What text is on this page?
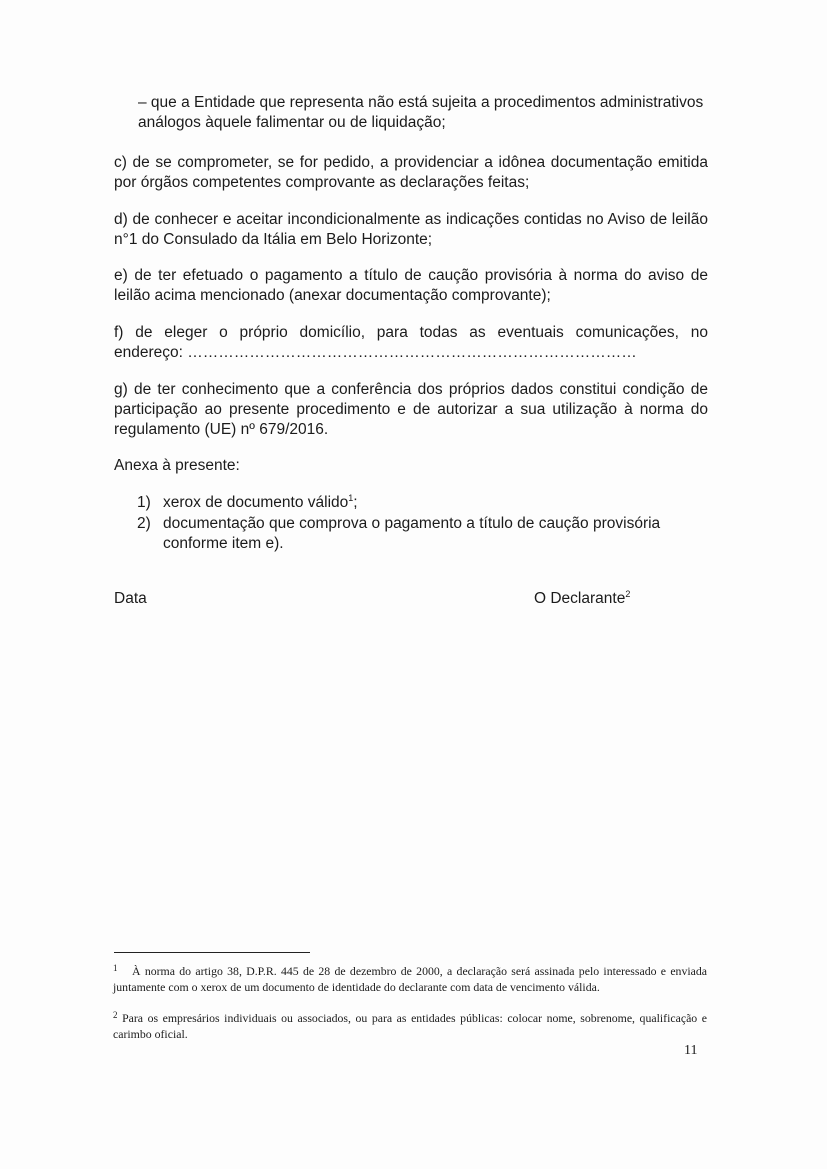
– que a Entidade que representa não está sujeita a procedimentos administrativos análogos àquele falimentar ou de liquidação;

c) de se comprometer, se for pedido, a providenciar a idônea documentação emitida por órgãos competentes comprovante as declarações feitas;

d) de conhecer e aceitar incondicionalmente as indicações contidas no Aviso de leilão n°1 do Consulado da Itália em Belo Horizonte;

e) de ter efetuado o pagamento a título de caução provisória à norma do aviso de leilão acima mencionado (anexar documentação comprovante);

f) de eleger o próprio domicílio, para todas as eventuais comunicações, no
endereço: ……………………………………………………………………………

g) de ter conhecimento que a conferência dos próprios dados constitui condição de participação ao presente procedimento e de autorizar a sua utilização à norma do regulamento (UE) nº 679/2016.

Anexa à presente:

1) xerox de documento válido$^1$;
2) documentação que comprova o pagamento a título de caução provisória conforme item e).
Data	O Declarante$^2$

1 À norma do artigo 38, D.P.R. 445 de 28 de dezembro de 2000, a declaração será assinada pelo interessado e enviada juntamente com o xerox de um documento de identidade do declarante com data de vencimento válida.

$^2$ Para os empresários individuais ou associados, ou para as entidades públicas: colocar nome, sobrenome, qualificação e carimbo oficial.

11
